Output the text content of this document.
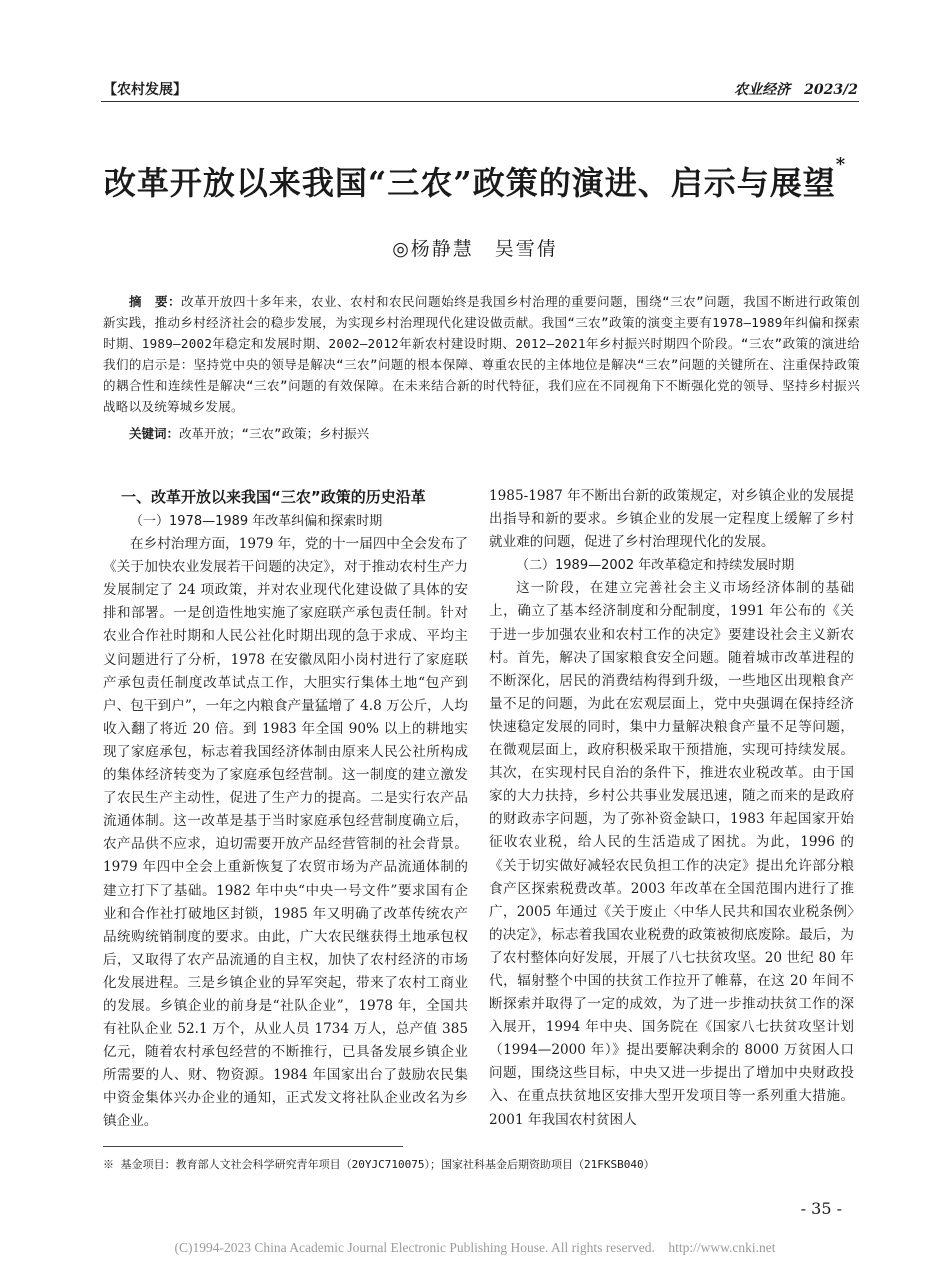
【农村发展】	农业经济　2023/2
改革开放以来我国“三农”政策的演进、启示与展望*
◎杨静慧　吴雪倩
摘　要：改革开放四十多年来，农业、农村和农民问题始终是我国乡村治理的重要问题，围绕“三农”问题，我国不断进行政策创新实践，推动乡村经济社会的稳步发展，为实现乡村治理现代化建设做贡献。我国“三农”政策的演变主要有1978—1989年纠偏和探索时期、1989—2002年稳定和发展时期、2002—2012年新农村建设时期、2012—2021年乡村振兴时期四个阶段。“三农”政策的演进给我们的启示是：坚持党中央的领导是解决“三农”问题的根本保障、尊重农民的主体地位是解决“三农”问题的关键所在、注重保持政策的耦合性和连续性是解决“三农”问题的有效保障。在未来结合新的时代特征，我们应在不同视角下不断强化党的领导、坚持乡村振兴战略以及统筹城乡发展。
关键词：改革开放；“三农”政策；乡村振兴

一、改革开放以来我国“三农”政策的历史沿革

（一）1978—1989 年改革纠偏和探索时期

在乡村治理方面，1979 年，党的十一届四中全会发布了《关于加快农业发展若干问题的决定》，对于推动农村生产力发展制定了 24 项政策，并对农业现代化建设做了具体的安排和部署。一是创造性地实施了家庭联产承包责任制。针对农业合作社时期和人民公社化时期出现的急于求成、平均主义问题进行了分析，1978 在安徽凤阳小岗村进行了家庭联产承包责任制度改革试点工作，大胆实行集体土地“包产到户、包干到户”，一年之内粮食产量猛增了 4.8 万公斤，人均收入翻了将近 20 倍。到 1983 年全国 90% 以上的耕地实现了家庭承包，标志着我国经济体制由原来人民公社所构成的集体经济转变为了家庭承包经营制。这一制度的建立激发了农民生产主动性，促进了生产力的提高。二是实行农产品流通体制。这一改革是基于当时家庭承包经营制度确立后，农产品供不应求，迫切需要开放产品经营管制的社会背景。1979 年四中全会上重新恢复了农贸市场为产品流通体制的建立打下了基础。1982 年中央“中央一号文件”要求国有企业和合作社打破地区封锁，1985 年又明确了改革传统农产品统购统销制度的要求。由此，广大农民继获得土地承包权后，又取得了农产品流通的自主权，加快了农村经济的市场化发展进程。三是乡镇企业的异军突起，带来了农村工商业的发展。乡镇企业的前身是“社队企业”，1978 年，全国共有社队企业 52.1 万个，从业人员 1734 万人，总产值 385 亿元，随着农村承包经营的不断推行，已具备发展乡镇企业所需要的人、财、物资源。1984 年国家出台了鼓励农民集中资金集体兴办企业的通知，正式发文将社队企业改名为乡镇企业。

1985-1987 年不断出台新的政策规定，对乡镇企业的发展提出指导和新的要求。乡镇企业的发展一定程度上缓解了乡村就业难的问题，促进了乡村治理现代化的发展。

（二）1989—2002 年改革稳定和持续发展时期

这一阶段，在建立完善社会主义市场经济体制的基础上，确立了基本经济制度和分配制度，1991 年公布的《关于进一步加强农业和农村工作的决定》要建设社会主义新农村。首先，解决了国家粮食安全问题。随着城市改革进程的不断深化，居民的消费结构得到升级，一些地区出现粮食产量不足的问题，为此在宏观层面上，党中央强调在保持经济快速稳定发展的同时，集中力量解决粮食产量不足等问题，在微观层面上，政府积极采取干预措施，实现可持续发展。其次，在实现村民自治的条件下，推进农业税改革。由于国家的大力扶持，乡村公共事业发展迅速，随之而来的是政府的财政赤字问题，为了弥补资金缺口，1983 年起国家开始征收农业税，给人民的生活造成了困扰。为此，1996 的《关于切实做好减轻农民负担工作的决定》提出允许部分粮食产区探索税费改革。2003 年改革在全国范围内进行了推广，2005 年通过《关于废止〈中华人民共和国农业税条例〉的决定》，标志着我国农业税费的政策被彻底废除。最后，为了农村整体向好发展，开展了八七扶贫攻坚。20 世纪 80 年代，辐射整个中国的扶贫工作拉开了帷幕，在这 20 年间不断探索并取得了一定的成效，为了进一步推动扶贫工作的深入展开，1994 年中央、国务院在《国家八七扶贫攻坚计划（1994—2000 年）》提出要解决剩余的 8000 万贫困人口问题，围绕这些目标，中央又进一步提出了增加中央财政投入、在重点扶贫地区安排大型开发项目等一系列重大措施。2001 年我国农村贫困人

※ 基金项目：教育部人文社会科学研究青年项目（20YJC710075）；国家社科基金后期资助项目（21FKSB040）
- 35 -
(C)1994-2023 China Academic Journal Electronic Publishing House. All rights reserved.　http://www.cnki.net
